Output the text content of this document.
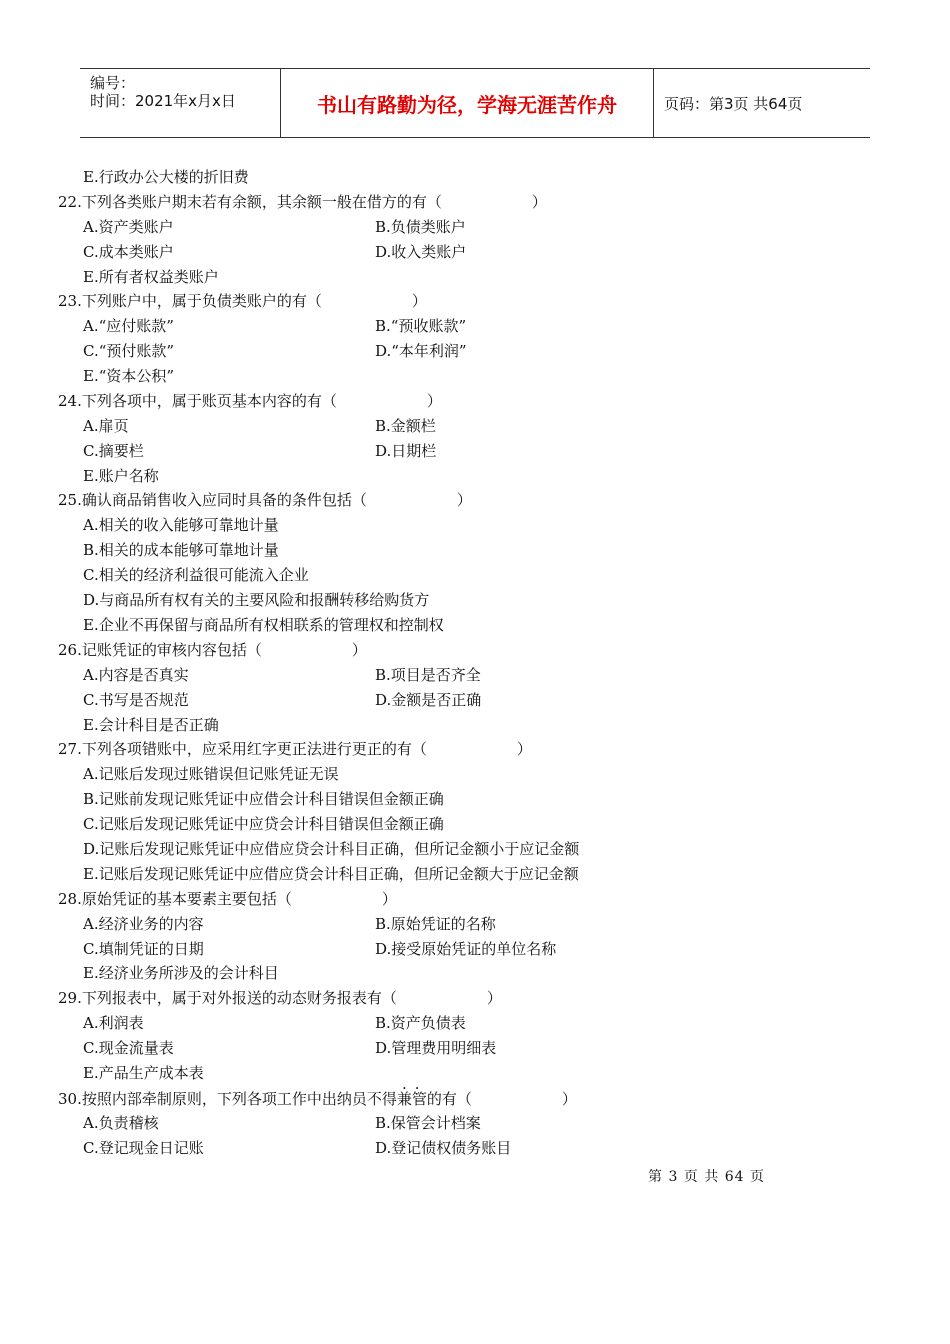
编号：
时间：2021年x月x日	书山有路勤为径，学海无涯苦作舟	页码：第3页 共64页
E.行政办公大楼的折旧费
22.下列各类账户期末若有余额，其余额一般在借方的有（　　　　　　）
A.资产类账户	B.负债类账户
C.成本类账户	D.收入类账户
E.所有者权益类账户
23.下列账户中，属于负债类账户的有（　　　　　　）
A.“应付账款”	B.“预收账款”
C.“预付账款”	D.“本年利润”
E.“资本公积”
24.下列各项中，属于账页基本内容的有（　　　　　　）
A.扉页	B.金额栏
C.摘要栏	D.日期栏
E.账户名称
25.确认商品销售收入应同时具备的条件包括（　　　　　　）
A.相关的收入能够可靠地计量
B.相关的成本能够可靠地计量
C.相关的经济利益很可能流入企业
D.与商品所有权有关的主要风险和报酬转移给购货方
E.企业不再保留与商品所有权相联系的管理权和控制权
26.记账凭证的审核内容包括（　　　　　　）
A.内容是否真实	B.项目是否齐全
C.书写是否规范	D.金额是否正确
E.会计科目是否正确
27.下列各项错账中，应采用红字更正法进行更正的有（　　　　　　）
A.记账后发现过账错误但记账凭证无误
B.记账前发现记账凭证中应借会计科目错误但金额正确
C.记账后发现记账凭证中应贷会计科目错误但金额正确
D.记账后发现记账凭证中应借应贷会计科目正确，但所记金额小于应记金额
E.记账后发现记账凭证中应借应贷会计科目正确，但所记金额大于应记金额
28.原始凭证的基本要素主要包括（　　　　　　）
A.经济业务的内容	B.原始凭证的名称
C.填制凭证的日期	D.接受原始凭证的单位名称
E.经济业务所涉及的会计科目
29.下列报表中，属于对外报送的动态财务报表有（　　　　　　）
A.利润表	B.资产负债表
C.现金流量表	D.管理费用明细表
E.产品生产成本表
..
30.按照内部牵制原则，下列各项工作中出纳员不得兼管的有（　　　　　　）
A.负责稽核	B.保管会计档案
C.登记现金日记账	D.登记债权债务账目
第 3 页 共 64 页
